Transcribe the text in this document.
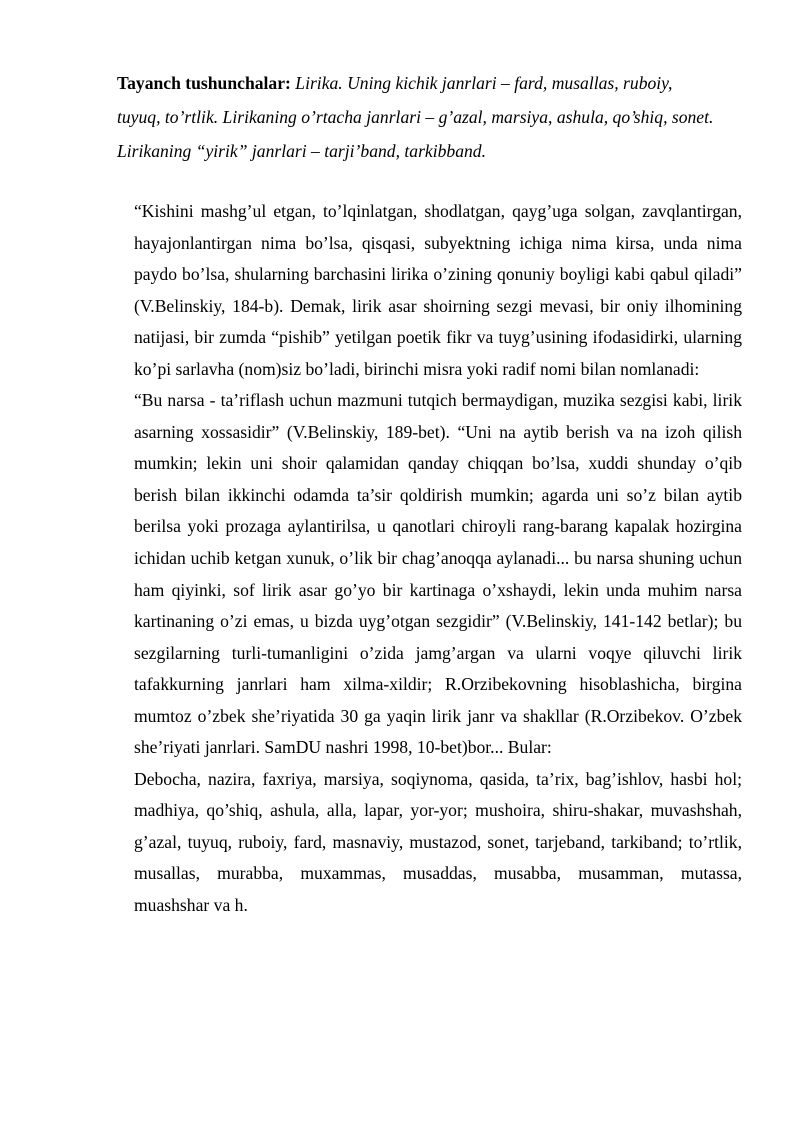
Tayanch tushunchalar: Lirika. Uning kichik janrlari – fard, musallas, ruboiy, tuyuq, to’rtlik. Lirikaning o’rtacha janrlari – g’azal, marsiya, ashula, qo’shiq, sonet. Lirikaning “yirik” janrlari – tarji’band, tarkibband.

“Kishini mashg’ul etgan, to’lqinlatgan, shodlatgan, qayg’uga solgan, zavqlantirgan, hayajonlantirgan nima bo’lsa, qisqasi, subyektning ichiga nima kirsa, unda nima paydo bo’lsa, shularning barchasini lirika o’zining qonuniy boyligi kabi qabul qiladi” (V.Belinskiy, 184-b). Demak, lirik asar shoirning sezgi mevasi, bir oniy ilhomining natijasi, bir zumda “pishib” yetilgan poetik fikr va tuyg’usining ifodasidirki, ularning ko’pi sarlavha (nom)siz bo’ladi, birinchi misra yoki radif nomi bilan nomlanadi:

“Bu narsa - ta’riflash uchun mazmuni tutqich bermaydigan, muzika sezgisi kabi, lirik asarning xossasidir” (V.Belinskiy, 189-bet). “Uni na aytib berish va na izoh qilish mumkin; lekin uni shoir qalamidan qanday chiqqan bo’lsa, xuddi shunday o’qib berish bilan ikkinchi odamda ta’sir qoldirish mumkin; agarda uni so’z bilan aytib berilsa yoki prozaga aylantirilsa, u qanotlari chiroyli rang-barang kapalak hozirgina ichidan uchib ketgan xunuk, o’lik bir chag’anoqqa aylanadi... bu narsa shuning uchun ham qiyinki, sof lirik asar go’yo bir kartinaga o’xshaydi, lekin unda muhim narsa kartinaning o’zi emas, u bizda uyg’otgan sezgidir” (V.Belinskiy, 141-142 betlar); bu sezgilarning turli-tumanligini o’zida jamg’argan va ularni voqye qiluvchi lirik tafakkurning janrlari ham xilma-xildir; R.Orzibekovning hisoblashicha, birgina mumtoz o’zbek she’riyatida 30 ga yaqin lirik janr va shakllar (R.Orzibekov. O’zbek she’riyati janrlari. SamDU nashri 1998, 10-bet)bor... Bular:

Debocha, nazira, faxriya, marsiya, soqiynoma, qasida, ta’rix, bag’ishlov, hasbi hol; madhiya, qo’shiq, ashula, alla, lapar, yor-yor; mushoira, shiru-shakar, muvashshah, g’azal, tuyuq, ruboiy, fard, masnaviy, mustazod, sonet, tarjeband, tarkiband; to’rtlik, musallas, murabba, muxammas, musaddas, musabba, musamman, mutassa, muashshar va h.
